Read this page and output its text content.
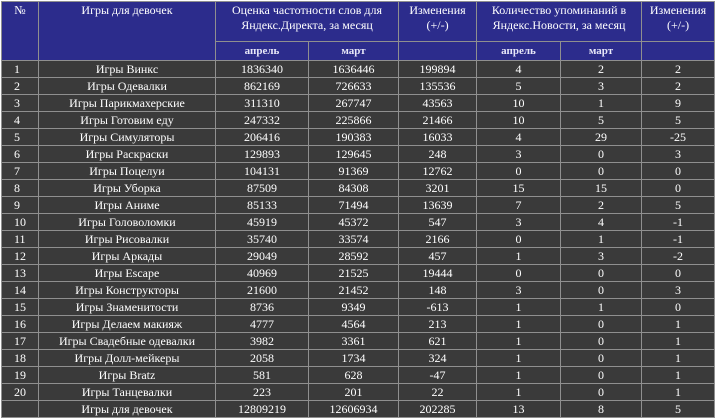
№	Игры для девочек	Оценка частотности слов для Яндекс.Директа, за месяц		Изменения (+/-)	Количество упоминаний в Яндекс.Новости, за месяц		Изменения (+/-)
		апрель	март		апрель	март	
1	Игры Винкс	1836340	1636446	199894	4	2	2
2	Игры Одевалки	862169	726633	135536	5	3	2
3	Игры Парикмахерские	311310	267747	43563	10	1	9
4	Игры Готовим еду	247332	225866	21466	10	5	5
5	Игры Симуляторы	206416	190383	16033	4	29	-25
6	Игры Раскраски	129893	129645	248	3	0	3
7	Игры Поцелуи	104131	91369	12762	0	0	0
8	Игры Уборка	87509	84308	3201	15	15	0
9	Игры Аниме	85133	71494	13639	7	2	5
10	Игры Головоломки	45919	45372	547	3	4	-1
11	Игры Рисовалки	35740	33574	2166	0	1	-1
12	Игры Аркады	29049	28592	457	1	3	-2
13	Игры Escape	40969	21525	19444	0	0	0
14	Игры Конструкторы	21600	21452	148	3	0	3
15	Игры Знаменитости	8736	9349	-613	1	1	0
16	Игры Делаем макияж	4777	4564	213	1	0	1
17	Игры Свадебные одевалки	3982	3361	621	1	0	1
18	Игры Долл-мейкеры	2058	1734	324	1	0	1
19	Игры Bratz	581	628	-47	1	0	1
20	Игры Танцевалки	223	201	22	1	0	1
	Игры для девочек	12809219	12606934	202285	13	8	5
